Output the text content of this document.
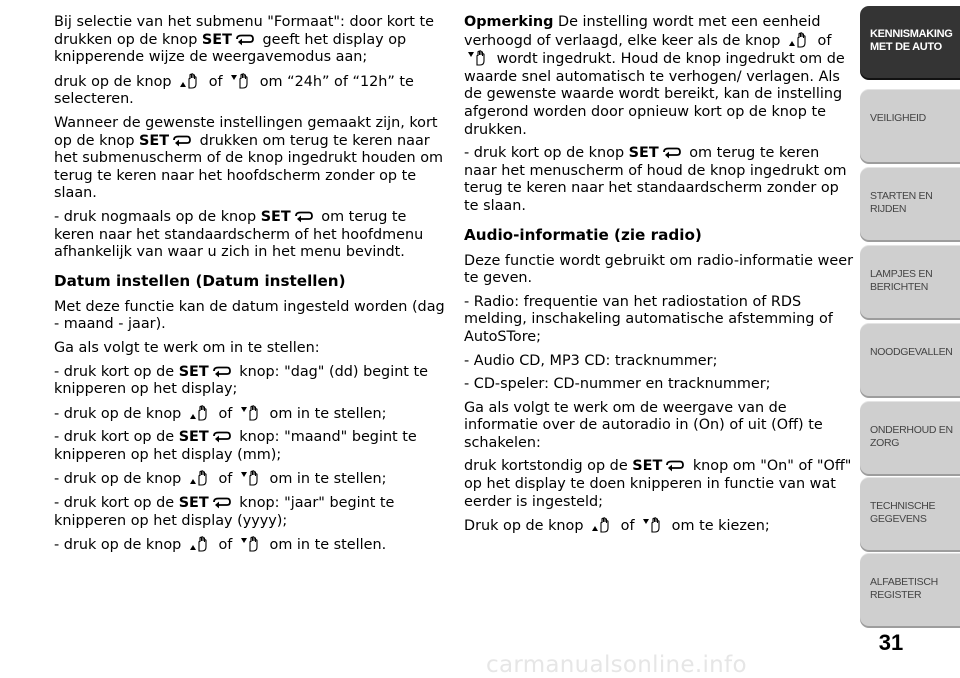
Bij selectie van het submenu "Formaat": door kort te drukken op de knop SET
geeft het display op knipperende wijze de weergavemodus aan;

druk op de knop
of
om “24h” of “12h” te selecteren.

Wanneer de gewenste instellingen gemaakt zijn, kort op de knop SET
drukken om terug te keren naar het submenuscherm of de knop ingedrukt houden om terug te keren naar het hoofdscherm zonder op te slaan.

- druk nogmaals op de knop SET
om terug te keren naar het standaardscherm of het hoofdmenu afhankelijk van waar u zich in het menu bevindt.

Datum instellen (Datum instellen)

Met deze functie kan de datum ingesteld worden (dag - maand - jaar).

Ga als volgt te werk om in te stellen:

- druk kort op de SET
knop: "dag" (dd) begint te knipperen op het display;

- druk op de knop
of
om in te stellen;

- druk kort op de SET
knop: "maand" begint te knipperen op het display (mm);

- druk op de knop
of
om in te stellen;

- druk kort op de SET
knop: "jaar" begint te knipperen op het display (yyyy);

- druk op de knop
of
om in te stellen.

Opmerking De instelling wordt met een eenheid verhoogd of verlaagd, elke keer als de knop
of
wordt ingedrukt. Houd de knop ingedrukt om de waarde snel automatisch te verhogen/ verlagen. Als de gewenste waarde wordt bereikt, kan de instelling afgerond worden door opnieuw kort op de knop te drukken.

- druk kort op de knop SET
om terug te keren naar het menuscherm of houd de knop ingedrukt om terug te keren naar het standaardscherm zonder op te slaan.

Audio-informatie (zie radio)

Deze functie wordt gebruikt om radio-informatie weer te geven.

- Radio: frequentie van het radiostation of RDS melding, inschakeling automatische afstemming of AutoSTore;

- Audio CD, MP3 CD: tracknummer;

- CD-speler: CD-nummer en tracknummer;

Ga als volgt te werk om de weergave van de informatie over de autoradio in (On) of uit (Off) te schakelen:

druk kortstondig op de SET
knop om "On" of "Off" op het display te doen knipperen in functie van wat eerder is ingesteld;

Druk op de knop
of
om te kiezen;

KENNISMAKING MET DE AUTO
VEILIGHEID
STARTEN EN RIJDEN
LAMPJES EN BERICHTEN
NOODGEVALLEN
ONDERHOUD EN ZORG
TECHNISCHE GEGEVENS
ALFABETISCH REGISTER
31
carmanualsonline.info
